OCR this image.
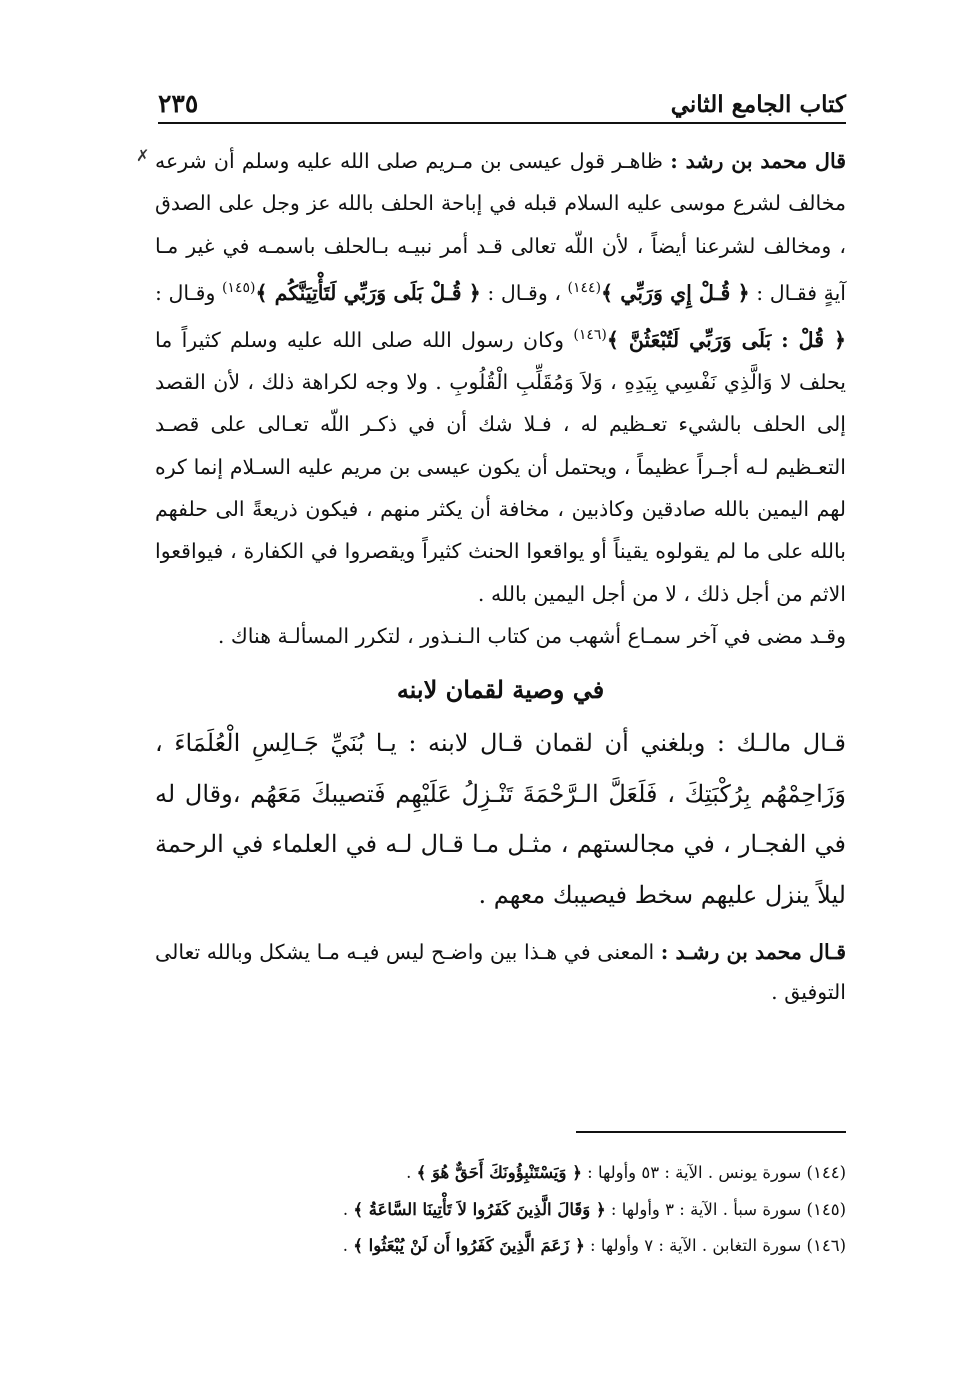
كتاب الجامع الثاني
٢٣٥
✗	قال محمد بن رشد : ظاهـر قول عيسى بن مـريم صلى الله عليه وسلم أن شرعه مخالف لشرع موسى عليه السلام قبله في إباحة الحلف بالله عز وجل على الصدق ، ومخالف لشرعنا أيضاً ، لأن اللّه تعالى قـد أمر نبيـه بـالحلف باسمـه في غير مـا آيةٍ فقـال : ﴿ قُـلْ إِي وَرَبِّي ﴾$^{(١٤٤)}$ ، وقـال : ﴿ قُـلْ بَلَى وَرَبِّي لَتَأْتِيَنَّكُم ﴾$^{(١٤٥)}$ وقـال : ﴿ قُلْ : بَلَى وَرَبِّي لَتُبْعَثُنَّ ﴾$^{(١٤٦)}$ وكان رسول الله صلى الله عليه وسلم كثيراً ما يحلف لا وَالَّذِي نَفْسِي بِيَدِهِ ، وَلاَ وَمُقَلِّبِ الْقُلُوبِ . ولا وجه لكراهة ذلك ، لأن القصد إلى الحلف بالشيء تعـظيم له ، فـلا شك أن في ذكـر اللّه تعـالى على قصـد التعـظيم لـه أجـراً عظيماً ، ويحتمل أن يكون عيسى بن مريم عليه السـلام إنما كره لهم اليمين بالله صادقين وكاذبين ، مخافة أن يكثر منهم ، فيكون ذريعةً الى حلفهم بالله على ما لم يقولوه يقيناً أو يواقعوا الحنث كثيراً ويقصروا في الكفارة ، فيواقعوا الاثم من أجل ذلك ، لا من أجل اليمين بالله .

وقـد مضى في آخر سمـاع أشهب من كتاب الـنـذور ، لتكرر المسألـة هناك .

في وصية لقمان لابنه

قـال مالـك : وبلغني أن لقمان قـال لابنه : يـا بُنَيِّ جَـالِسِ الْعُلَمَاءَ ، وَزَاحِمْهُم بِرُكْبَتِكَ ، فَلَعَلَّ الـرَّحْمَةَ تَنْـزِلُ عَلَيْهِم فَتصيبكَ مَعَهُم ،وقال له في الفجـار ، في مجالستهم ، مثـل مـا قـال لـه في العلماء في الرحمة ليلاً ينزل عليهم سخط فيصيبك معهم .

قـال محمد بن رشـد : المعنى في هـذا بين واضـح ليس فيـه مـا يشكل وبالله تعالى التوفيق .

(١٤٤) سورة يونس . الآية : ٥٣ وأولها : ﴿ وَيَسْتَنْبِؤُونَكَ أَحَقٌّ هُوَ ﴾ .

(١٤٥) سورة سبأ . الآية : ٣ وأولها : ﴿ وَقَالَ الَّذِينَ كَفَرُوا لاَ تَأْتِينَا السَّاعَةُ ﴾ .

(١٤٦) سورة التغابن . الآية : ٧ وأولها : ﴿ زَعَمَ الَّذِينَ كَفَرُوا أَن لَنْ يُبْعَثُوا ﴾ .
